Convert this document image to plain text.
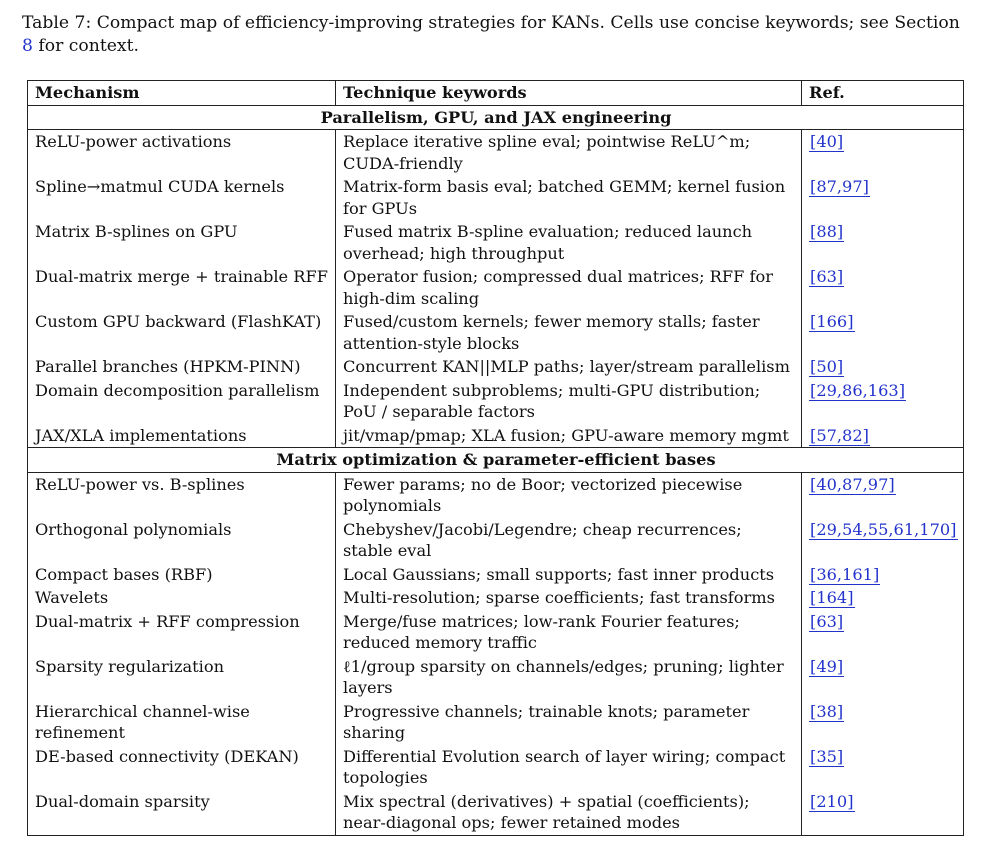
Table 7: Compact map of efficiency-improving strategies for KANs. Cells use concise keywords; see Section 8 for context.
Mechanism	Technique keywords	Ref.
Parallelism, GPU, and JAX engineering		
ReLU-power activations	Replace iterative spline eval; pointwise ReLU^m; CUDA-friendly	[40]
Spline→matmul CUDA kernels	Matrix-form basis eval; batched GEMM; kernel fusion for GPUs	[87,97]
Matrix B-splines on GPU	Fused matrix B-spline evaluation; reduced launch overhead; high throughput	[88]
Dual-matrix merge + trainable RFF	Operator fusion; compressed dual matrices; RFF for high-dim scaling	[63]
Custom GPU backward (FlashKAT)	Fused/custom kernels; fewer memory stalls; faster attention-style blocks	[166]
Parallel branches (HPKM-PINN)	Concurrent KAN||MLP paths; layer/stream parallelism	[50]
Domain decomposition parallelism	Independent subproblems; multi-GPU distribution; PoU / separable factors	[29,86,163]
JAX/XLA implementations	jit/vmap/pmap; XLA fusion; GPU-aware memory mgmt	[57,82]
Matrix optimization & parameter-efficient bases		
ReLU-power vs. B-splines	Fewer params; no de Boor; vectorized piecewise polynomials	[40,87,97]
Orthogonal polynomials	Chebyshev/Jacobi/Legendre; cheap recurrences; stable eval	[29,54,55,61,170]
Compact bases (RBF)	Local Gaussians; small supports; fast inner products	[36,161]
Wavelets	Multi-resolution; sparse coefficients; fast transforms	[164]
Dual-matrix + RFF compression	Merge/fuse matrices; low-rank Fourier features; reduced memory traffic	[63]
Sparsity regularization	ℓ1/group sparsity on channels/edges; pruning; lighter layers	[49]
Hierarchical channel-wise refinement	Progressive channels; trainable knots; parameter sharing	[38]
DE-based connectivity (DEKAN)	Differential Evolution search of layer wiring; compact topologies	[35]
Dual-domain sparsity	Mix spectral (derivatives) + spatial (coefficients); near-diagonal ops; fewer retained modes	[210]
